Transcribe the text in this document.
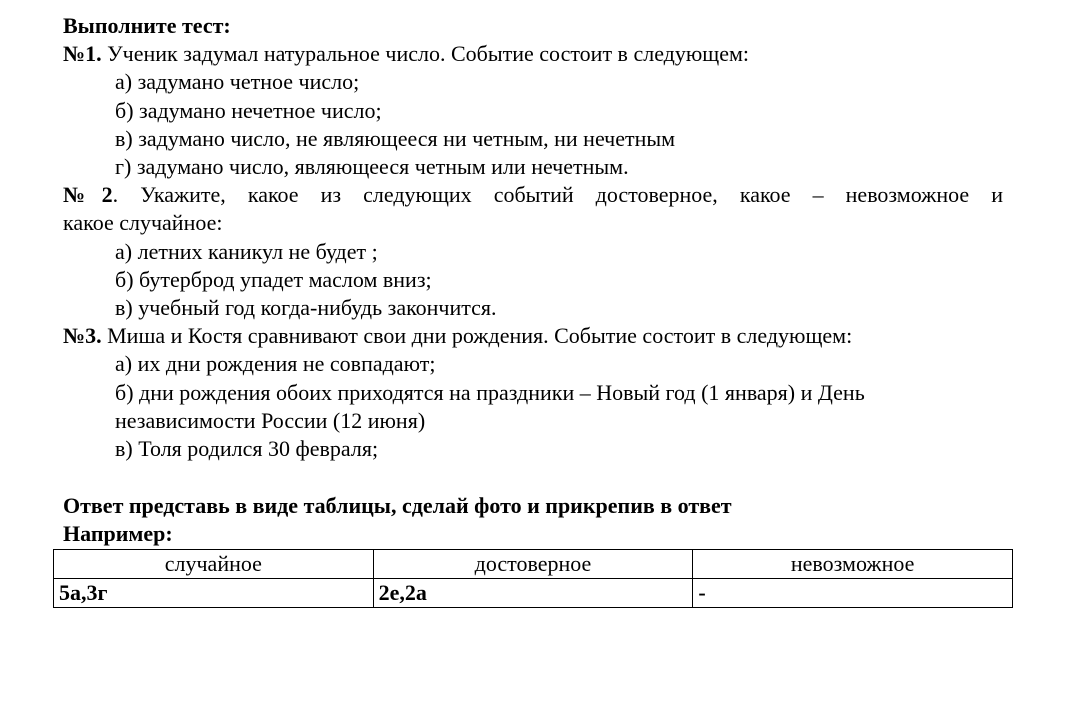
Выполните тест:
№1. Ученик задумал натуральное число. Событие состоит в следующем:
а) задумано четное число;
б) задумано нечетное число;
в) задумано число, не являющееся ни четным, ни нечетным
г) задумано число, являющееся четным или нечетным.
№2. Укажите, какое из следующих событий достоверное, какое – невозможное и
какое случайное:
а) летних каникул не будет ;
б) бутерброд упадет маслом вниз;
в) учебный год когда-нибудь закончится.
№3. Миша и Костя сравнивают свои дни рождения. Событие состоит в следующем:
а) их дни рождения не совпадают;
б) дни рождения обоих приходятся на праздники – Новый год (1 января) и День
независимости России (12 июня)
в) Толя родился 30 февраля;
Ответ представь в виде таблицы, сделай фото и прикрепив в ответ
Например:
случайное	достоверное	невозможное
5а,3г	2е,2а	-
